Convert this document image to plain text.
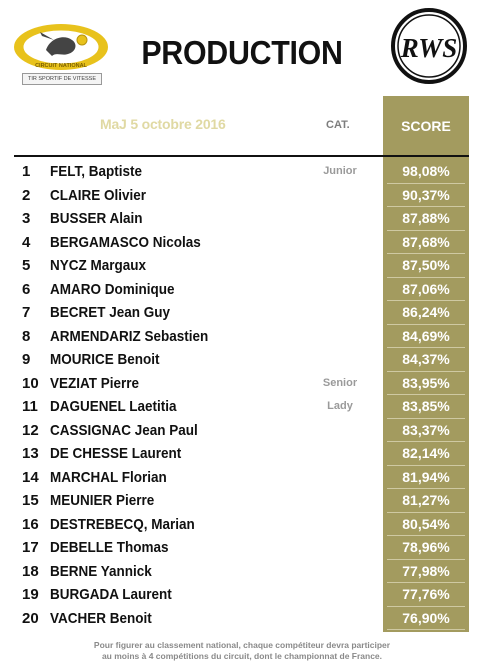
CIRCUIT NATIONAL
TIR SPORTIF DE VITESSE
PRODUCTION	RWS
MaJ 5 octobre 2016	CAT.	SCORE
1 FELT, Baptiste	Junior	98,08%
2 CLAIRE Olivier	90,37%
3 BUSSER Alain	87,88%
4 BERGAMASCO Nicolas	87,68%
5 NYCZ Margaux	87,50%
6 AMARO Dominique	87,06%
7 BECRET Jean Guy	86,24%
8 ARMENDARIZ Sebastien	84,69%
9 MOURICE Benoit	84,37%
10 VEZIAT Pierre	Senior	83,95%
11 DAGUENEL Laetitia	Lady	83,85%
12 CASSIGNAC Jean Paul	83,37%
13 DE CHESSE Laurent	82,14%
14 MARCHAL Florian	81,94%
15 MEUNIER Pierre	81,27%
16 DESTREBECQ, Marian	80,54%
17 DEBELLE Thomas	78,96%
18 BERNE Yannick	77,98%
19 BURGADA Laurent	77,76%
20 VACHER Benoit	76,90%
Pour figurer au classement national, chaque compétiteur devra participer
au moins à 4 compétitions du circuit, dont le championnat de France.
